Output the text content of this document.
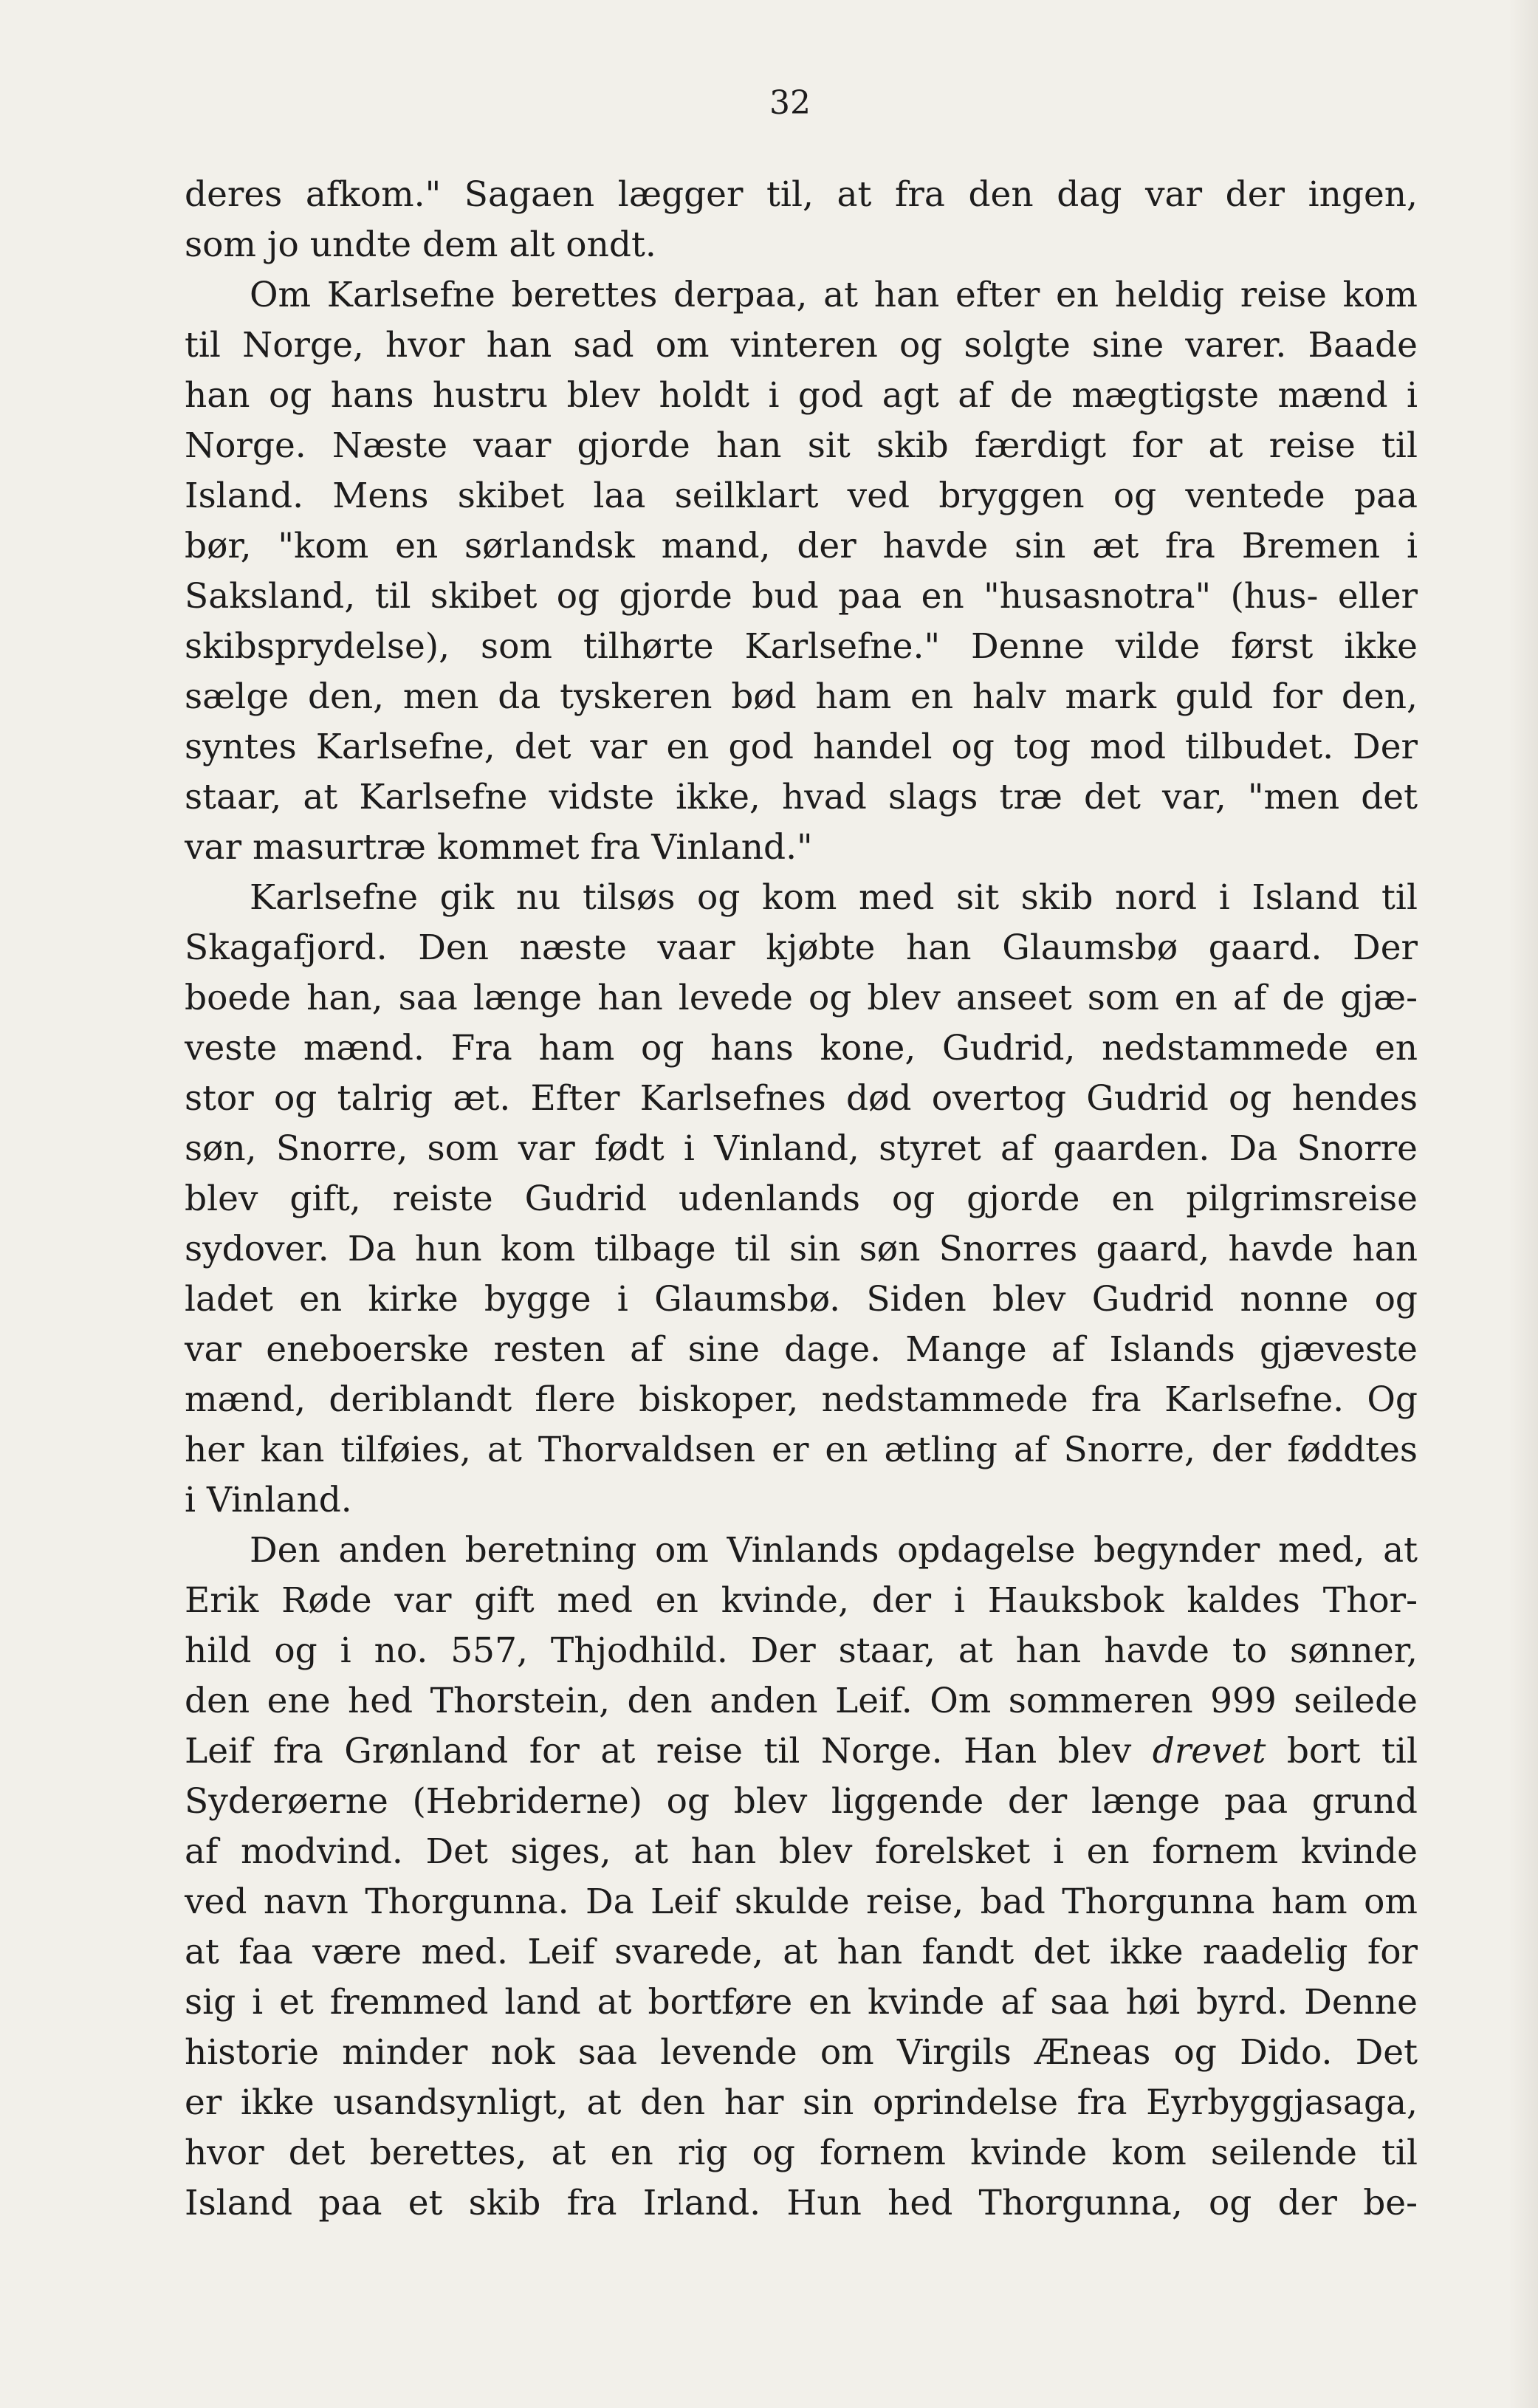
32
deres afkom." Sagaen lægger til, at fra den dag var der ingen,
som jo undte dem alt ondt.
Om Karlsefne berettes derpaa, at han efter en heldig reise kom
til Norge, hvor han sad om vinteren og solgte sine varer. Baade
han og hans hustru blev holdt i god agt af de mægtigste mænd i
Norge. Næste vaar gjorde han sit skib færdigt for at reise til
Island. Mens skibet laa seilklart ved bryggen og ventede paa
bør, "kom en sørlandsk mand, der havde sin æt fra Bremen i
Saksland, til skibet og gjorde bud paa en "husasnotra" (hus- eller
skibsprydelse), som tilhørte Karlsefne." Denne vilde først ikke
sælge den, men da tyskeren bød ham en halv mark guld for den,
syntes Karlsefne, det var en god handel og tog mod tilbudet. Der
staar, at Karlsefne vidste ikke, hvad slags træ det var, "men det
var masurtræ kommet fra Vinland."
Karlsefne gik nu tilsøs og kom med sit skib nord i Island til
Skagafjord. Den næste vaar kjøbte han Glaumsbø gaard. Der
boede han, saa længe han levede og blev anseet som en af de gjæ-
veste mænd. Fra ham og hans kone, Gudrid, nedstammede en
stor og talrig æt. Efter Karlsefnes død overtog Gudrid og hendes
søn, Snorre, som var født i Vinland, styret af gaarden. Da Snorre
blev gift, reiste Gudrid udenlands og gjorde en pilgrimsreise
sydover. Da hun kom tilbage til sin søn Snorres gaard, havde han
ladet en kirke bygge i Glaumsbø. Siden blev Gudrid nonne og
var eneboerske resten af sine dage. Mange af Islands gjæveste
mænd, deriblandt flere biskoper, nedstammede fra Karlsefne. Og
her kan tilføies, at Thorvaldsen er en ætling af Snorre, der føddtes
i Vinland.
Den anden beretning om Vinlands opdagelse begynder med, at
Erik Røde var gift med en kvinde, der i Hauksbok kaldes Thor-
hild og i no. 557, Thjodhild. Der staar, at han havde to sønner,
den ene hed Thorstein, den anden Leif. Om sommeren 999 seilede
Leif fra Grønland for at reise til Norge. Han blev drevet bort til
Syderøerne (Hebriderne) og blev liggende der længe paa grund
af modvind. Det siges, at han blev forelsket i en fornem kvinde
ved navn Thorgunna. Da Leif skulde reise, bad Thorgunna ham om
at faa være med. Leif svarede, at han fandt det ikke raadelig for
sig i et fremmed land at bortføre en kvinde af saa høi byrd. Denne
historie minder nok saa levende om Virgils Æneas og Dido. Det
er ikke usandsynligt, at den har sin oprindelse fra Eyrbyggjasaga,
hvor det berettes, at en rig og fornem kvinde kom seilende til
Island paa et skib fra Irland. Hun hed Thorgunna, og der be-
